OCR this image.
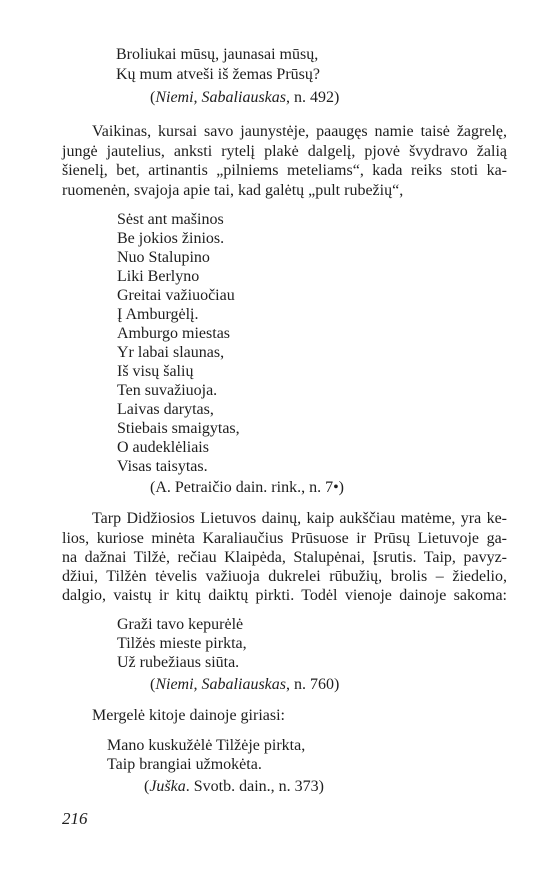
Broliukai mūsų, jaunasai mūsų,
Kų mum atveši iš žemas Prūsų?
(Niemi, Sabaliauskas, n. 492)
Vaikinas, kursai savo jaunystėje, paaugęs namie taisė žagrelę,
jungė jautelius, anksti rytelį plakė dalgelį, pjovė švydravo žalią
šienelį, bet, artinantis „pilniems meteliams“, kada reiks stoti ka-
ruomenėn, svajoja apie tai, kad galėtų „pult rubežių“,
Sėst ant mašinos
Be jokios žinios.
Nuo Stalupino
Liki Berlyno
Greitai važiuočiau
Į Amburgėlį.
Amburgo miestas
Yr labai slaunas,
Iš visų šalių
Ten suvažiuoja.
Laivas darytas,
Stiebais smaigytas,
O audeklėliais
Visas taisytas.
(A. Petraičio dain. rink., n. 7•)
Tarp Didžiosios Lietuvos dainų, kaip aukščiau matėme, yra ke-
lios, kuriose minėta Karaliaučius Prūsuose ir Prūsų Lietuvoje ga-
na dažnai Tilžė, rečiau Klaipėda, Stalupėnai, Įsrutis. Taip, pavyz-
džiui, Tilžėn tėvelis važiuoja dukrelei rūbužių, brolis – žiedelio,
dalgio, vaistų ir kitų daiktų pirkti. Todėl vienoje dainoje sakoma:
Graži tavo kepurėlė
Tilžės mieste pirkta,
Už rubežiaus siūta.
(Niemi, Sabaliauskas, n. 760)
Mergelė kitoje dainoje giriasi:
Mano kuskužėlė Tilžėje pirkta,
Taip brangiai užmokėta.
(Juška. Svotb. dain., n. 373)
216
